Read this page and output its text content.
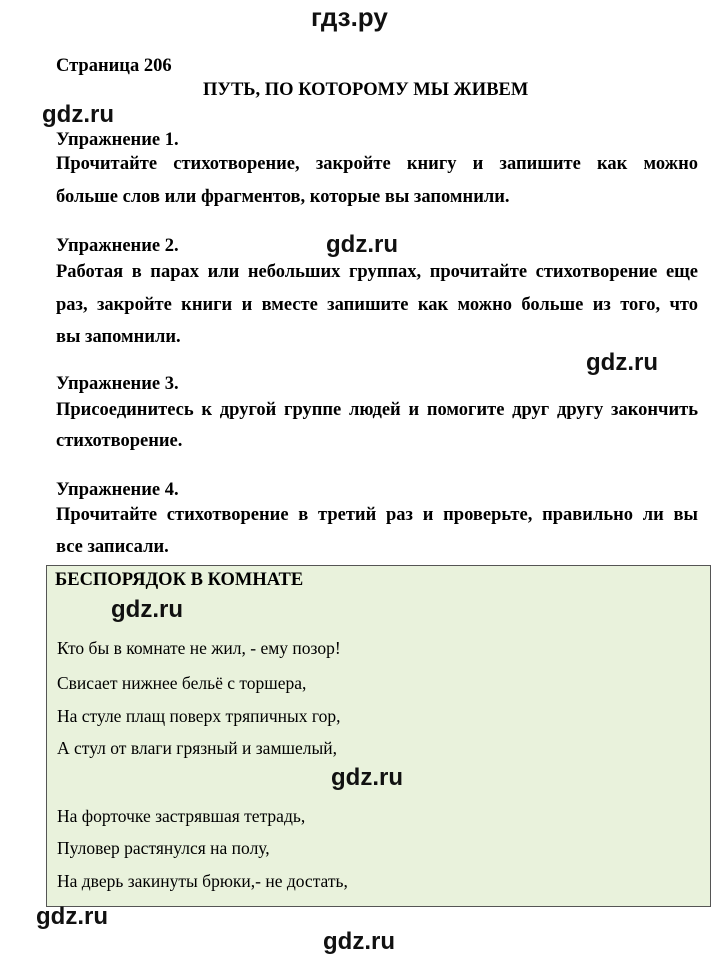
гдз.ру
Страница 206
ПУТЬ, ПО КОТОРОМУ МЫ ЖИВЕМ
gdz.ru
gdz.ru
gdz.ru
Упражнение 1.
Прочитайте стихотворение, закройте книгу и запишите как можно
больше слов или фрагментов, которые вы запомнили.
Упражнение 2.
Работая в парах или небольших группах, прочитайте стихотворение еще
раз, закройте книги и вместе запишите как можно больше из того, что
вы запомнили.
Упражнение 3.
Присоединитесь к другой группе людей и помогите друг другу закончить
стихотворение.
Упражнение 4.
Прочитайте стихотворение в третий раз и проверьте, правильно ли вы
все записали.
БЕСПОРЯДОК В КОМНАТЕ
gdz.ru
Кто бы в комнате не жил, - ему позор!
Свисает нижнее бельё с торшера,
На стуле плащ поверх тряпичных гор,
А стул от влаги грязный и замшелый,
gdz.ru
На форточке застрявшая тетрадь,
Пуловер растянулся на полу,
На дверь закинуты брюки,- не достать,
gdz.ru
gdz.ru
